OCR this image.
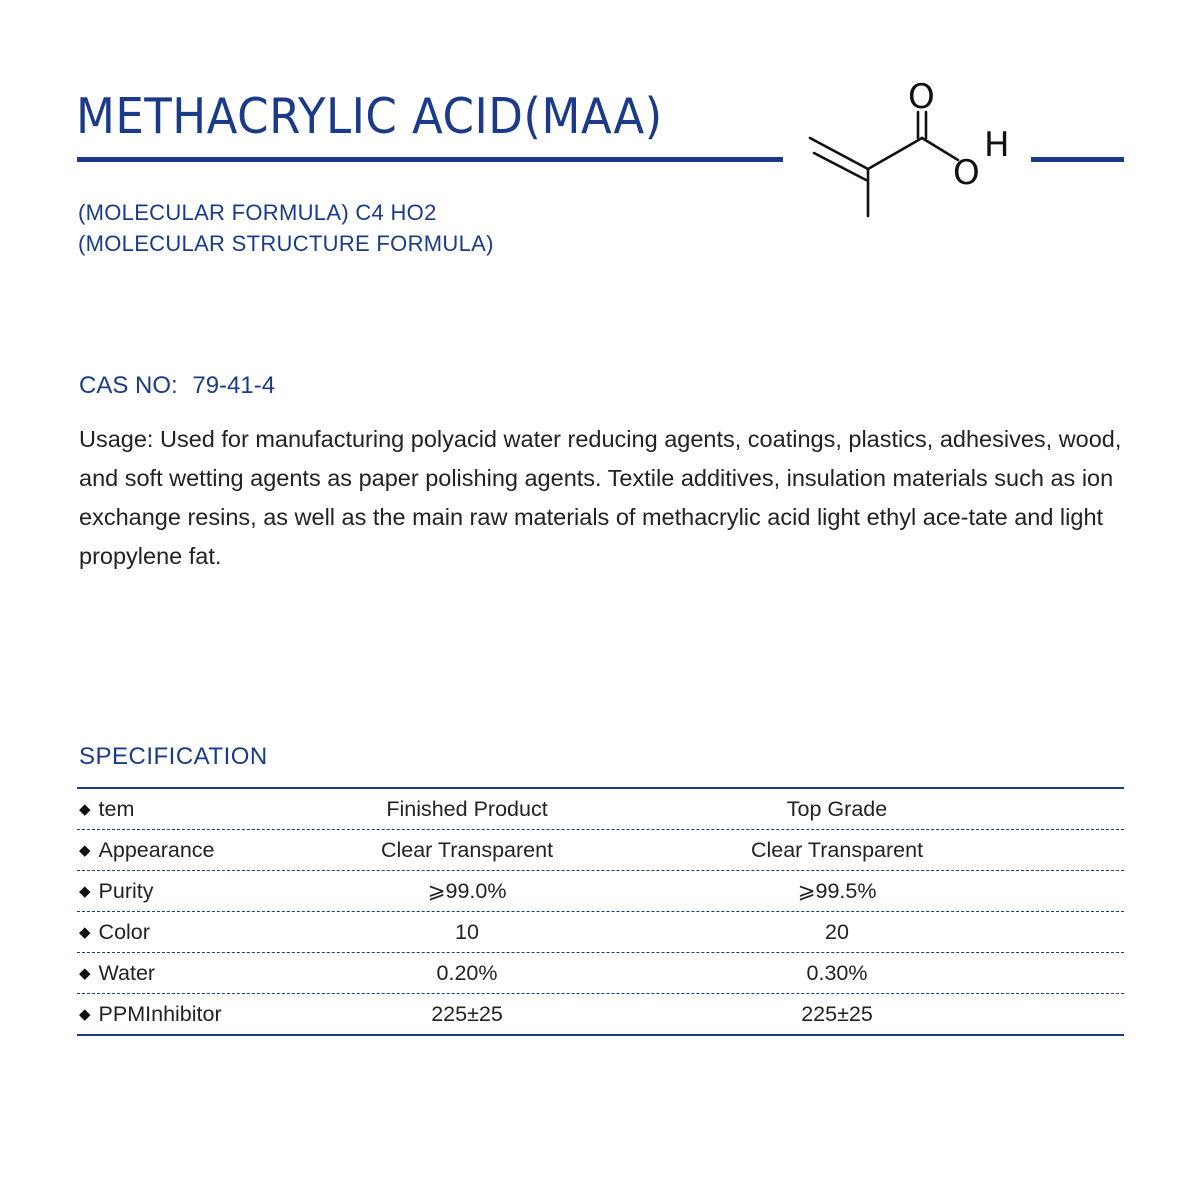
METHACRYLIC ACID(MAA)	O
O
H
(MOLECULAR FORMULA) C4 HO2
(MOLECULAR STRUCTURE FORMULA)
CAS NO: 79-41-4

Usage: Used for manufacturing polyacid water reducing agents, coatings, plastics, adhesives, wood, and soft wetting agents as paper polishing agents. Textile additives, insulation materials such as ion exchange resins, as well as the main raw materials of methacrylic acid light ethyl ace-tate and light propylene fat.

SPECIFICATION
◆ tem	Finished Product	Top Grade
◆ Appearance	Clear Transparent	Clear Transparent
◆ Purity	⩾99.0%	⩾99.5%
◆ Color	10	20
◆ Water	0.20%	0.30%
◆ PPMInhibitor	225±25	225±25
